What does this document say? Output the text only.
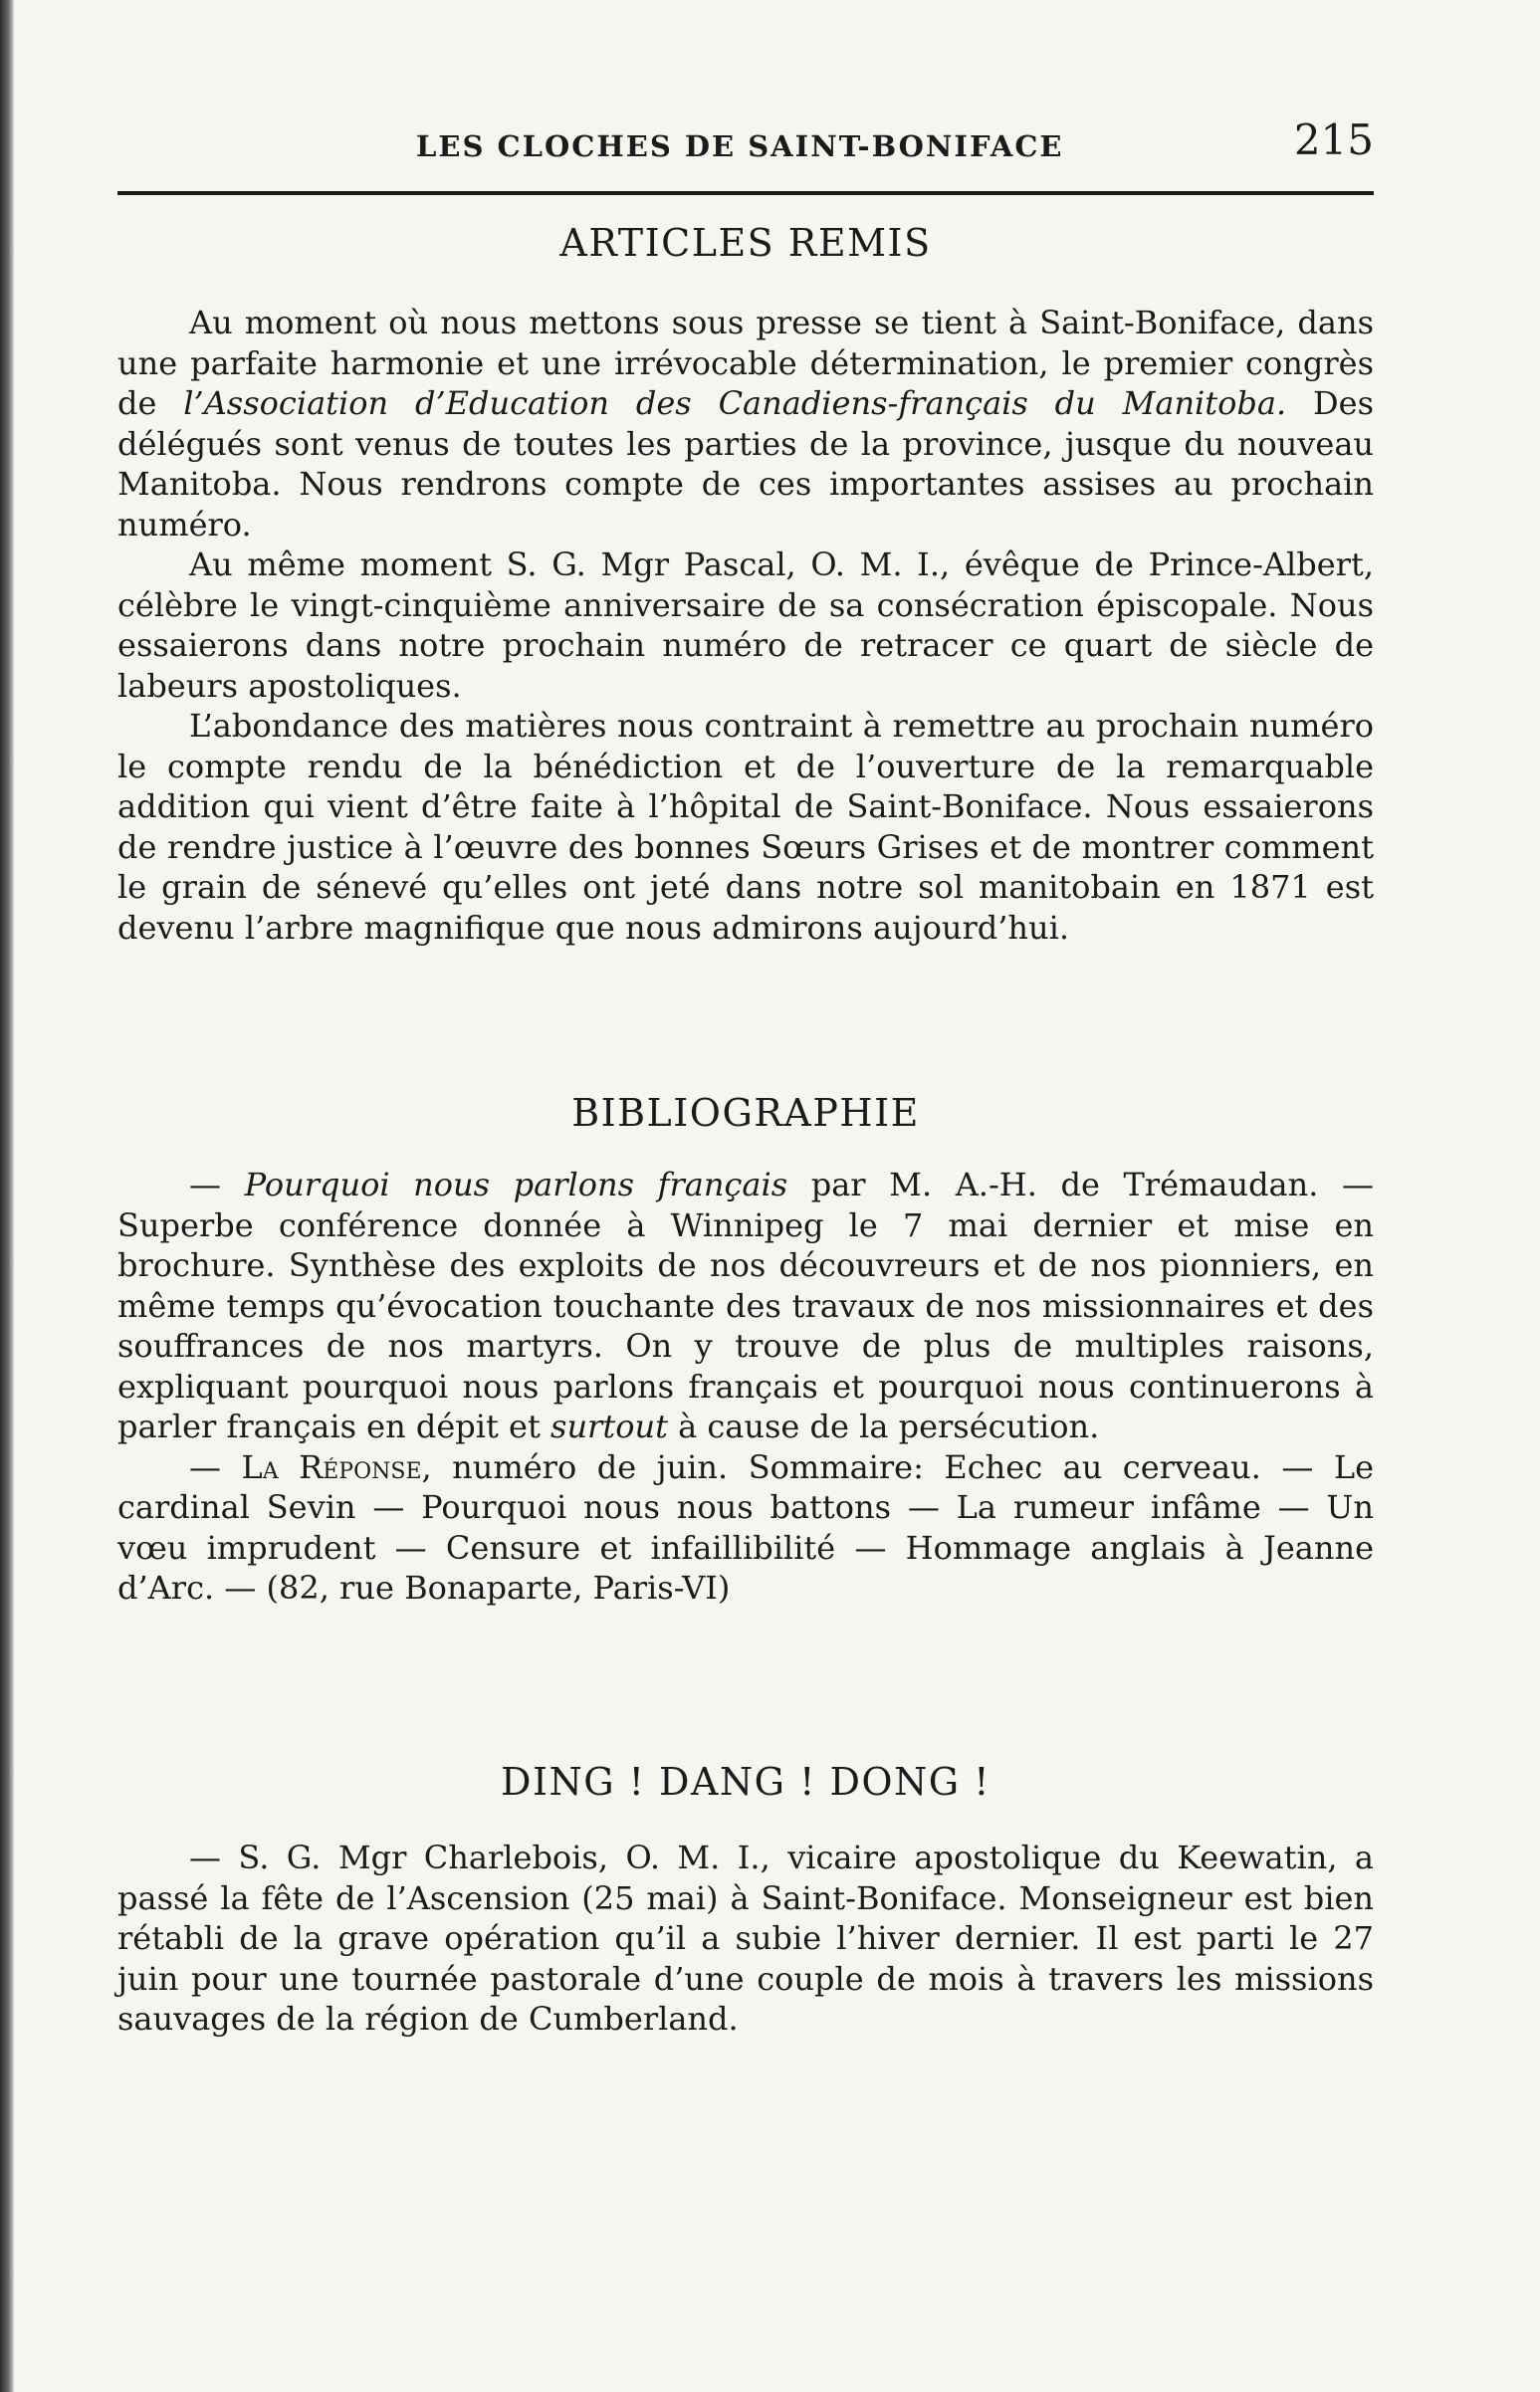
LES CLOCHES DE SAINT-BONIFACE	215
ARTICLES REMIS

Au moment où nous mettons sous presse se tient à Saint-Boniface, dans une parfaite harmonie et une irrévocable détermination, le premier congrès de l’Association d’Education des Canadiens-français du Manitoba. Des délégués sont venus de toutes les parties de la province, jusque du nouveau Manitoba. Nous rendrons compte de ces importantes assises au prochain numéro.

Au même moment S. G. Mgr Pascal, O. M. I., évêque de Prince-Albert, célèbre le vingt-cinquième anniversaire de sa consécration épiscopale. Nous essaierons dans notre prochain numéro de retracer ce quart de siècle de labeurs apostoliques.

L’abondance des matières nous contraint à remettre au prochain numéro le compte rendu de la bénédiction et de l’ouverture de la remarquable addition qui vient d’être faite à l’hôpital de Saint-Boniface. Nous essaierons de rendre justice à l’œuvre des bonnes Sœurs Grises et de montrer comment le grain de sénevé qu’elles ont jeté dans notre sol manitobain en 1871 est devenu l’arbre magnifique que nous admirons aujourd’hui.

BIBLIOGRAPHIE

— Pourquoi nous parlons français par M. A.-H. de Trémaudan. — Superbe conférence donnée à Winnipeg le 7 mai dernier et mise en brochure. Synthèse des exploits de nos découvreurs et de nos pionniers, en même temps qu’évocation touchante des travaux de nos missionnaires et des souffrances de nos martyrs. On y trouve de plus de multiples raisons, expliquant pourquoi nous parlons français et pourquoi nous continuerons à parler français en dépit et surtout à cause de la persécution.

— La Réponse, numéro de juin. Sommaire: Echec au cerveau. — Le cardinal Sevin — Pourquoi nous nous battons — La rumeur infâme — Un vœu imprudent — Censure et infaillibilité — Hommage anglais à Jeanne d’Arc. — (82, rue Bonaparte, Paris-VI)

DING ! DANG ! DONG !

— S. G. Mgr Charlebois, O. M. I., vicaire apostolique du Keewatin, a passé la fête de l’Ascension (25 mai) à Saint-Boniface. Monseigneur est bien rétabli de la grave opération qu’il a subie l’hiver dernier. Il est parti le 27 juin pour une tournée pastorale d’une couple de mois à travers les missions sauvages de la région de Cumberland.
